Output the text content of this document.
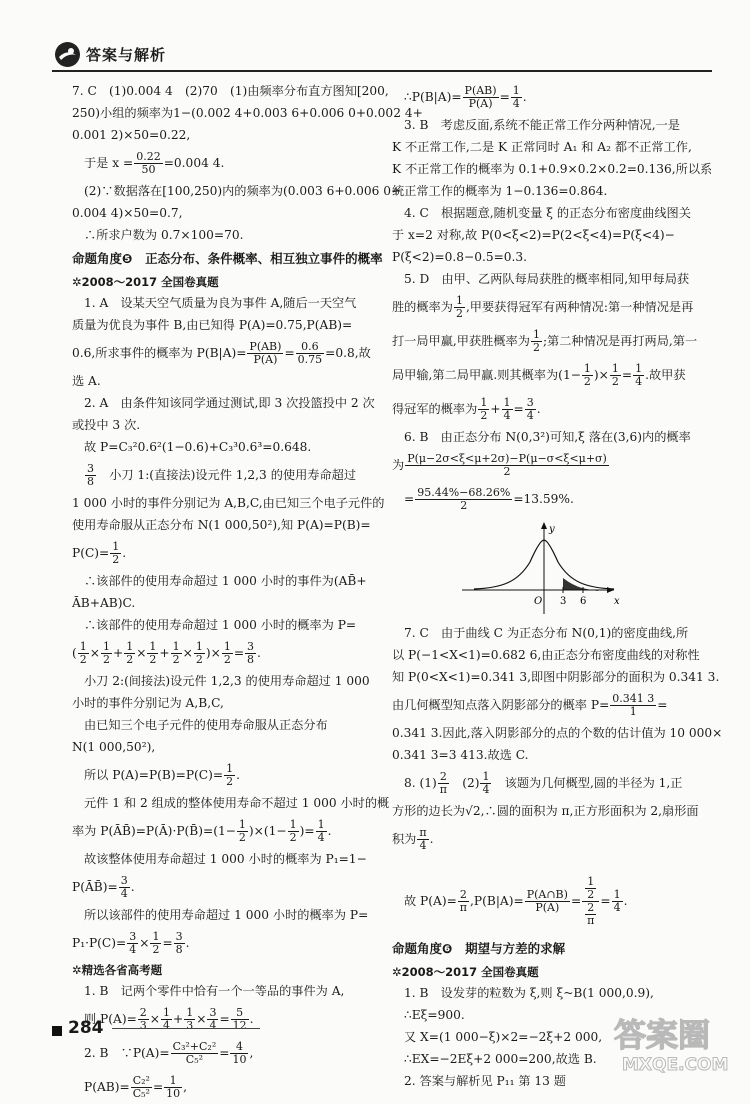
答案与解析

7. C　(1)0.004 4　(2)70　(1)由频率分布直方图知[200,

250)小组的频率为1−(0.002 4+0.003 6+0.006 0+0.002 4+

0.001 2)×50=0.22,

于是 $x = \frac{0.22}{50} =0.004$ 4.

(2)∵数据落在[100,250)内的频率为(0.003 6+0.006 0+

0.004 4)×50=0.7,

∴所求户数为 0.7×100=70.

命题角度❺　正态分布、条件概率、相互独立事件的概率
✲2008～2017 全国卷真题

1. A　设某天空气质量为良为事件 A,随后一天空气

质量为优良为事件 B,由已知得 P(A)=0.75,P(AB)=

0.6,所求事件的概率为 $P(B|A)= \frac{P(AB)}{P(A)} = \frac{0.6}{0.75} =0.8$,故

选 A.

2. A　由条件知该同学通过测试,即 3 次投篮投中 2 次

或投中 3 次.

故 P=C₃²0.6²(1−0.6)+C₃³0.6³=0.648.

$\frac{3}{8}$
　 小刀 1:(直接法)设元件 1,2,3 的使用寿命超过

1 000 小时的事件分别记为 A,B,C,由已知三个电子元件的

使用寿命服从正态分布 N(1 000,50²),知 P(A)=P(B)=

$P(C)= \frac{1}{2}$ .

∴该部件的使用寿命超过 1 000 小时的事件为(AB̄+

ĀB+AB)C.

∴该部件的使用寿命超过 1 000 小时的概率为 P=

( $\frac{1}{2} \times \frac{1}{2} + \frac{1}{2} \times \frac{1}{2} + \frac{1}{2} \times \frac{1}{2}$ )× $\frac{1}{2} = \frac{3}{8}$ .

小刀 2:(间接法)设元件 1,2,3 的使用寿命超过 1 000

小时的事件分别记为 A,B,C,

由已知三个电子元件的使用寿命服从正态分布

N(1 000,50²),

所以 $P(A)=P(B)=P(C)= \frac{1}{2}$ .

元件 1 和 2 组成的整体使用寿命不超过 1 000 小时的概

率为 P(ĀB̄)=P(Ā)·P(B̄)=(1− $\frac{1}{2} )\times(1- \frac{1}{2}$ )= $\frac{1}{4}$ .

故该整体使用寿命超过 1 000 小时的概率为 P₁=1−

P(ĀB̄)= $\frac{3}{4}$ .

所以该部件的使用寿命超过 1 000 小时的概率为 P=

$P_1\cdot P(C)= \frac{3}{4} \times \frac{1}{2} = \frac{3}{8}$ .

✲精选各省高考题

1. B　记两个零件中恰有一个一等品的事件为 A,

则 $P(A)= \frac{2}{3} \times \frac{1}{4} + \frac{1}{3} \times \frac{3}{4} = \frac{5}{12}$ .

2. B　∵P(A)= $\frac{\text{C₃²+C₂²}}{\text{C₅²}} = \frac{4}{10}$ ,

$P(AB)= \frac{\text{C₂²}}{\text{C₅²}} = \frac{1}{10}$ ,

∴P(B|A)= $\frac{P(AB)}{P(A)} = \frac{1}{4}$ .

3. B　考虑反面,系统不能正常工作分两种情况,一是

K 不正常工作,二是 K 正常同时 A₁ 和 A₂ 都不正常工作,

K 不正常工作的概率为 0.1+0.9×0.2×0.2=0.136,所以系

统正常工作的概率为 1−0.136=0.864.

4. C　根据题意,随机变量 ξ 的正态分布密度曲线图关

于 x=2 对称,故 P(0<ξ<2)=P(2<ξ<4)=P(ξ<4)−

P(ξ<2)=0.8−0.5=0.3.

5. D　由甲、乙两队每局获胜的概率相同,知甲每局获

胜的概率为 $\frac{1}{2}$ ,甲要获得冠军有两种情况:第一种情况是再

打一局甲赢,甲获胜概率为 $\frac{1}{2}$ ;第二种情况是再打两局,第一

局甲输,第二局甲赢.则其概率为($1- \frac{1}{2}$ )× $\frac{1}{2} = \frac{1}{4}$ .故甲获

得冠军的概率为 $\frac{1}{2} + \frac{1}{4} = \frac{3}{4}$ .

6. B　由正态分布 N(0,3²)可知,ξ 落在(3,6)内的概率

为 $\frac{P(\mu-2\sigma<\xi<\mu+2\sigma)-P(\mu-\sigma<\xi<\mu+\sigma)}{2}$

= $\frac{95.44\%-68.26\%}{2} =13.59\%$.

y
x
O 3 6

7. C　由于曲线 C 为正态分布 N(0,1)的密度曲线,所

以 P(−1<X<1)=0.682 6,由正态分布密度曲线的对称性

知 P(0<X<1)=0.341 3,即图中阴影部分的面积为 0.341 3.

由几何概型知点落入阴影部分的概率 $P= \frac{0.341 3}{1}$ =

0.341 3.因此,落入阴影部分的点的个数的估计值为 10 000×

0.341 3=3 413.故选 C.

8. $(1) \frac{2}{\pi}$
　 $(2) \frac{1}{4}$
　 该题为几何概型,圆的半径为 1,正

方形的边长为√2,∴圆的面积为 π,正方形面积为 2,扇形面

积为 $\frac{\pi}{4}$ .

故 $P(A)= \frac{2}{\pi} ,P(B|A)= \frac{P(A\cap B)}{P(A)} = \frac{\frac{1}{2}}{\frac{2}{\pi}} = \frac{1}{4}$ .

命题角度❻　期望与方差的求解
✲2008～2017 全国卷真题

1. B　设发芽的粒数为 ξ,则 ξ~B(1 000,0.9),

∴Eξ=900.

又 X=(1 000−ξ)×2=−2ξ+2 000,

∴EX=−2Eξ+2 000=200,故选 B.

2. 答案与解析见 P₁₁ 第 13 题

284	答案圈
MXQE.COM
